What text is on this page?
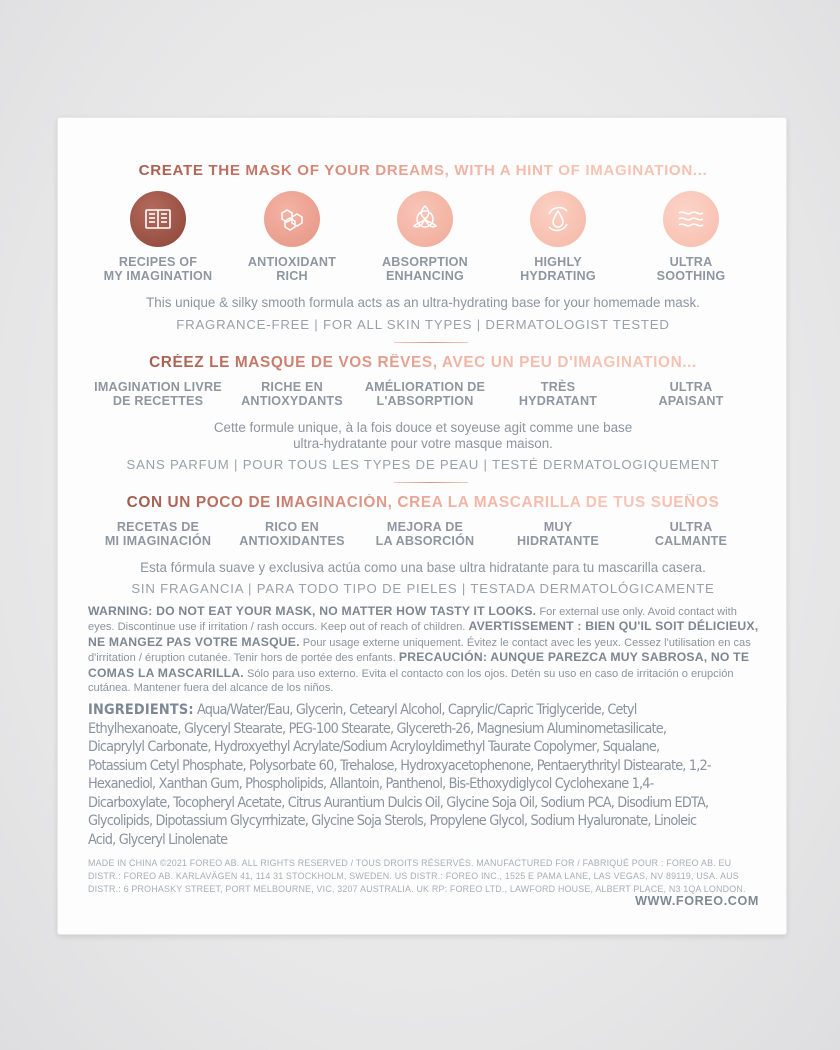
CREATE THE MASK OF YOUR DREAMS, WITH A HINT OF IMAGINATION...
RECIPES OF
MY IMAGINATION
ANTIOXIDANT
RICH
ABSORPTION
ENHANCING
HIGHLY
HYDRATING
ULTRA
SOOTHING
This unique & silky smooth formula acts as an ultra-hydrating base for your homemade mask.
FRAGRANCE-FREE | FOR ALL SKIN TYPES | DERMATOLOGIST TESTED
CRÉEZ LE MASQUE DE VOS RÊVES, AVEC UN PEU D'IMAGINATION...
IMAGINATION LIVRE
DE RECETTES
RICHE EN
ANTIOXYDANTS
AMÉLIORATION DE
L'ABSORPTION
TRÈS
HYDRATANT
ULTRA
APAISANT
Cette formule unique, à la fois douce et soyeuse agit comme une base
ultra-hydratante pour votre masque maison.
SANS PARFUM | POUR TOUS LES TYPES DE PEAU | TESTÉ DERMATOLOGIQUEMENT
CON UN POCO DE IMAGINACIÓN, CREA LA MASCARILLA DE TUS SUEÑOS
RECETAS DE
MI IMAGINACIÓN
RICO EN
ANTIOXIDANTES
MEJORA DE
LA ABSORCIÓN
MUY
HIDRATANTE
ULTRA
CALMANTE
Esta fórmula suave y exclusiva actúa como una base ultra hidratante para tu mascarilla casera.
SIN FRAGANCIA | PARA TODO TIPO DE PIELES | TESTADA DERMATOLÓGICAMENTE
WARNING: DO NOT EAT YOUR MASK, NO MATTER HOW TASTY IT LOOKS. For external use only. Avoid contact with eyes. Discontinue use if irritation / rash occurs. Keep out of reach of children. AVERTISSEMENT : BIEN QU'IL SOIT DÉLICIEUX, NE MANGEZ PAS VOTRE MASQUE. Pour usage externe uniquement. Évitez le contact avec les yeux. Cessez l'utilisation en cas d'irritation / éruption cutanée. Tenir hors de portée des enfants. PRECAUCIÓN: AUNQUE PAREZCA MUY SABROSA, NO TE COMAS LA MASCARILLA. Sólo para uso externo. Evita el contacto con los ojos. Detén su uso en caso de irritación o erupción cutánea. Mantener fuera del alcance de los niños.
INGREDIENTS: Aqua/Water/Eau, Glycerin, Cetearyl Alcohol, Caprylic/Capric Triglyceride, Cetyl Ethylhexanoate, Glyceryl Stearate, PEG-100 Stearate, Glycereth-26, Magnesium Aluminometasilicate, Dicaprylyl Carbonate, Hydroxyethyl Acrylate/Sodium Acryloyldimethyl Taurate Copolymer, Squalane, Potassium Cetyl Phosphate, Polysorbate 60, Trehalose, Hydroxyacetophenone, Pentaerythrityl Distearate, 1,2-Hexanediol, Xanthan Gum, Phospholipids, Allantoin, Panthenol, Bis-Ethoxydiglycol Cyclohexane 1,4-Dicarboxylate, Tocopheryl Acetate, Citrus Aurantium Dulcis Oil, Glycine Soja Oil, Sodium PCA, Disodium EDTA, Glycolipids, Dipotassium Glycyrrhizate, Glycine Soja Sterols, Propylene Glycol, Sodium Hyaluronate, Linoleic Acid, Glyceryl Linolenate
MADE IN CHINA ©2021 FOREO AB. ALL RIGHTS RESERVED / TOUS DROITS RÉSERVÉS. MANUFACTURED FOR / FABRIQUÉ POUR : FOREO AB. EU DISTR.: FOREO AB. KARLAVÄGEN 41, 114 31 STOCKHOLM, SWEDEN. US DISTR.: FOREO INC., 1525 E PAMA LANE, LAS VEGAS, NV 89119, USA. AUS DISTR.: 6 PROHASKY STREET, PORT MELBOURNE, VIC, 3207 AUSTRALIA. UK RP: FOREO LTD., LAWFORD HOUSE, ALBERT PLACE, N3 1QA LONDON.
WWW.FOREO.COM
